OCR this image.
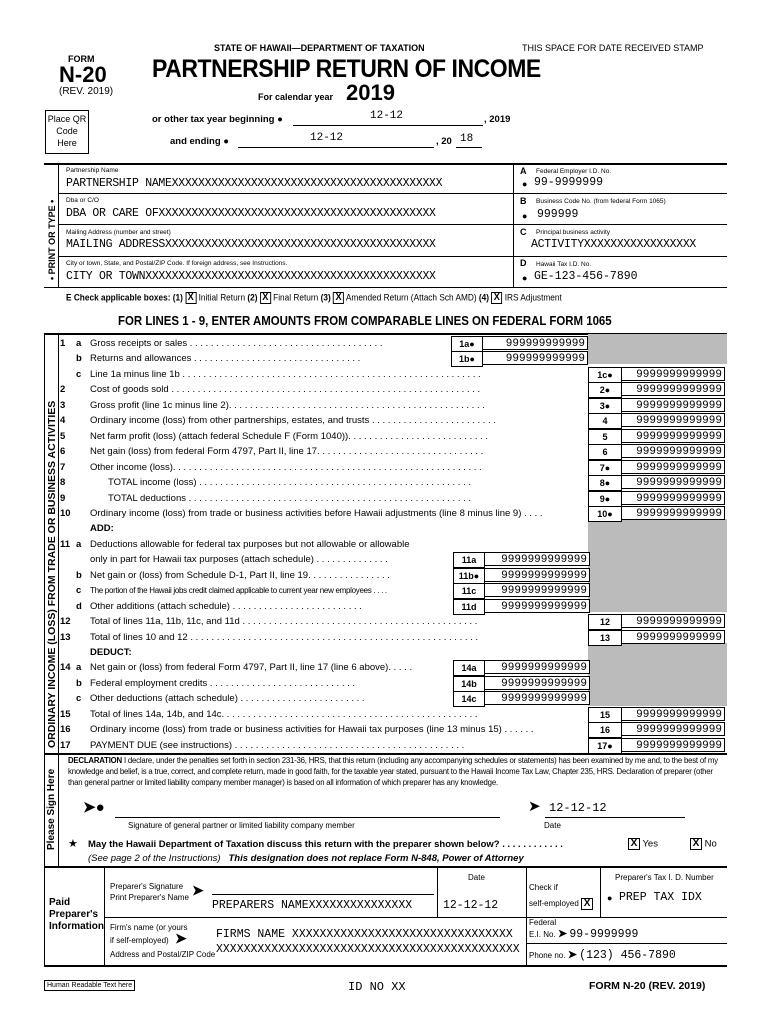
FORM
N-20
(REV. 2019)
STATE OF HAWAII—DEPARTMENT OF TAXATION	THIS SPACE FOR DATE RECEIVED STAMP
PARTNERSHIP RETURN OF INCOME
For calendar year 2019
Place QR Code Here
or other tax year beginning ●	12-12	, 2019
and ending ●	12-12	, 20 18
• PRINT OR TYPE •
Partnership Name
PARTNERSHIP NAMEXXXXXXXXXXXXXXXXXXXXXXXXXXXXXXXXXXXXXXXXX
Dba or C/O
DBA OR CARE OFXXXXXXXXXXXXXXXXXXXXXXXXXXXXXXXXXXXXXXXXXX
Mailing Address (number and street)
MAILING ADDRESSXXXXXXXXXXXXXXXXXXXXXXXXXXXXXXXXXXXXXXXXX
City or town, State, and Postal/ZIP Code. If foreign address, see Instructions.
CITY OR TOWNXXXXXXXXXXXXXXXXXXXXXXXXXXXXXXXXXXXXXXXXXXXX
A Federal Employer I.D. No.
● 99-9999999
B Business Code No. (from federal Form 1065)
● 999999
C Principal business activity
ACTIVITYXXXXXXXXXXXXXXXXX
D Hawaii Tax I.D. No.
● GE-123-456-7890
E Check applicable boxes: (1) X Initial Return (2) X Final Return (3) X Amended Return (Attach Sch AMD) (4) X IRS Adjustment
FOR LINES 1 - 9, ENTER AMOUNTS FROM COMPARABLE LINES ON FEDERAL FORM 1065
ORDINARY INCOME (LOSS) FROM TRADE OR BUSINESS ACTIVITIES
1 a Gross receipts or sales . . . . . . . . . . . . . . . . . . . . . . . . . . . . . . . . . . . . .	1a●	999999999999
b Returns and allowances . . . . . . . . . . . . . . . . . . . . . . . . . . . . . . . .	1b●	999999999999
c Line 1a minus line 1b . . . . . . . . . . . . . . . . . . . . . . . . . . . . . . . . . . . . . . . . . . . . . . . . . . . . . . . . .	1c●	9999999999999
2	Cost of goods sold . . . . . . . . . . . . . . . . . . . . . . . . . . . . . . . . . . . . . . . . . . . . . . . . . . . . . . . . . . .	2●	9999999999999
3	Gross profit (line 1c minus line 2). . . . . . . . . . . . . . . . . . . . . . . . . . . . . . . . . . . . . . . . . . . . . . . . .	3●	9999999999999
4	Ordinary income (loss) from other partnerships, estates, and trusts . . . . . . . . . . . . . . . . . . . . . . . .	4	9999999999999
5	Net farm profit (loss) (attach federal Schedule F (Form 1040)). . . . . . . . . . . . . . . . . . . . . . . . . . .	5	9999999999999
6	Net gain (loss) from federal Form 4797, Part II, line 17. . . . . . . . . . . . . . . . . . . . . . . . . . . . . . . .	6	9999999999999
7	Other income (loss). . . . . . . . . . . . . . . . . . . . . . . . . . . . . . . . . . . . . . . . . . . . . . . . . . . . . . . . . . .	7●	9999999999999
8	TOTAL income (loss) . . . . . . . . . . . . . . . . . . . . . . . . . . . . . . . . . . . . . . . . . . . . . . . . . . . .	8●	9999999999999
9	TOTAL deductions . . . . . . . . . . . . . . . . . . . . . . . . . . . . . . . . . . . . . . . . . . . . . . . . . . . . . .	9●	9999999999999
10 Ordinary income (loss) from trade or business activities before Hawaii adjustments (line 8 minus line 9) . . . .	10●	9999999999999
ADD:
11 a Deductions allowable for federal tax purposes but not allowable or allowable
only in part for Hawaii tax purposes (attach schedule) . . . . . . . . . . . . . .	11a	9999999999999
b Net gain or (loss) from Schedule D-1, Part II, line 19. . . . . . . . . . . . . . . .	11b●	9999999999999
c The portion of the Hawaii jobs credit claimed applicable to current year new employees . . . .	11c	9999999999999
d Other additions (attach schedule) . . . . . . . . . . . . . . . . . . . . . . . . .	11d	9999999999999
12 Total of lines 11a, 11b, 11c, and 11d . . . . . . . . . . . . . . . . . . . . . . . . . . . . . . . . . . . . . . . . . . . . .	12	9999999999999
13 Total of lines 10 and 12 . . . . . . . . . . . . . . . . . . . . . . . . . . . . . . . . . . . . . . . . . . . . . . . . . . . . . . .	13	9999999999999
DEDUCT:
14 a Net gain or (loss) from federal Form 4797, Part II, line 17 (line 6 above). . . . .	14a	9999999999999
b Federal employment credits . . . . . . . . . . . . . . . . . . . . . . . . . . . .	14b	9999999999999
c Other deductions (attach schedule) . . . . . . . . . . . . . . . . . . . . . . . .	14c	9999999999999
15 Total of lines 14a, 14b, and 14c. . . . . . . . . . . . . . . . . . . . . . . . . . . . . . . . . . . . . . . . . . . . . . . . .	15	9999999999999
16 Ordinary income (loss) from trade or business activities for Hawaii tax purposes (line 13 minus 15) . . . . . .	16	9999999999999
17 PAYMENT DUE (see instructions) . . . . . . . . . . . . . . . . . . . . . . . . . . . . . . . . . . . . . . . . . . . .	17●	9999999999999
Please Sign Here
DECLARATION I declare, under the penalties set forth in section 231-36, HRS, that this return (including any accompanying schedules or statements) has been examined by me and, to the best of my knowledge and belief, is a true, correct, and complete return, made in good faith, for the taxable year stated, pursuant to the Hawaii Income Tax Law, Chapter 235, HRS. Declaration of preparer (other than general partner or limited liability company member manager) is based on all information of which preparer has any knowledge.
➤●	➤ 12-12-12
Signature of general partner or limited liability company member	Date
★ May the Hawaii Department of Taxation discuss this return with the preparer shown below? . . . . . . . . . . . .	X Yes	X No
(See page 2 of the Instructions) This designation does not replace Form N-848, Power of Attorney
Paid Preparer's Information
Preparer's Signature
Print Preparer's Name ➤
PREPARERS NAMEXXXXXXXXXXXXXXX
Date
12-12-12
Check if
self-employed X
Preparer's Tax I. D. Number
● PREP TAX IDX
Firm's name (or yours
if self-employed) ➤
Address and Postal/ZIP Code
FIRMS NAME XXXXXXXXXXXXXXXXXXXXXXXXXXXXXXXX
XXXXXXXXXXXXXXXXXXXXXXXXXXXXXXXXXXXXXXXXXXXX
Federal
E.I. No. ➤ 99-9999999
Phone no. ➤ (123) 456-7890
Human Readable Text here	ID NO XX	FORM N-20 (REV. 2019)
